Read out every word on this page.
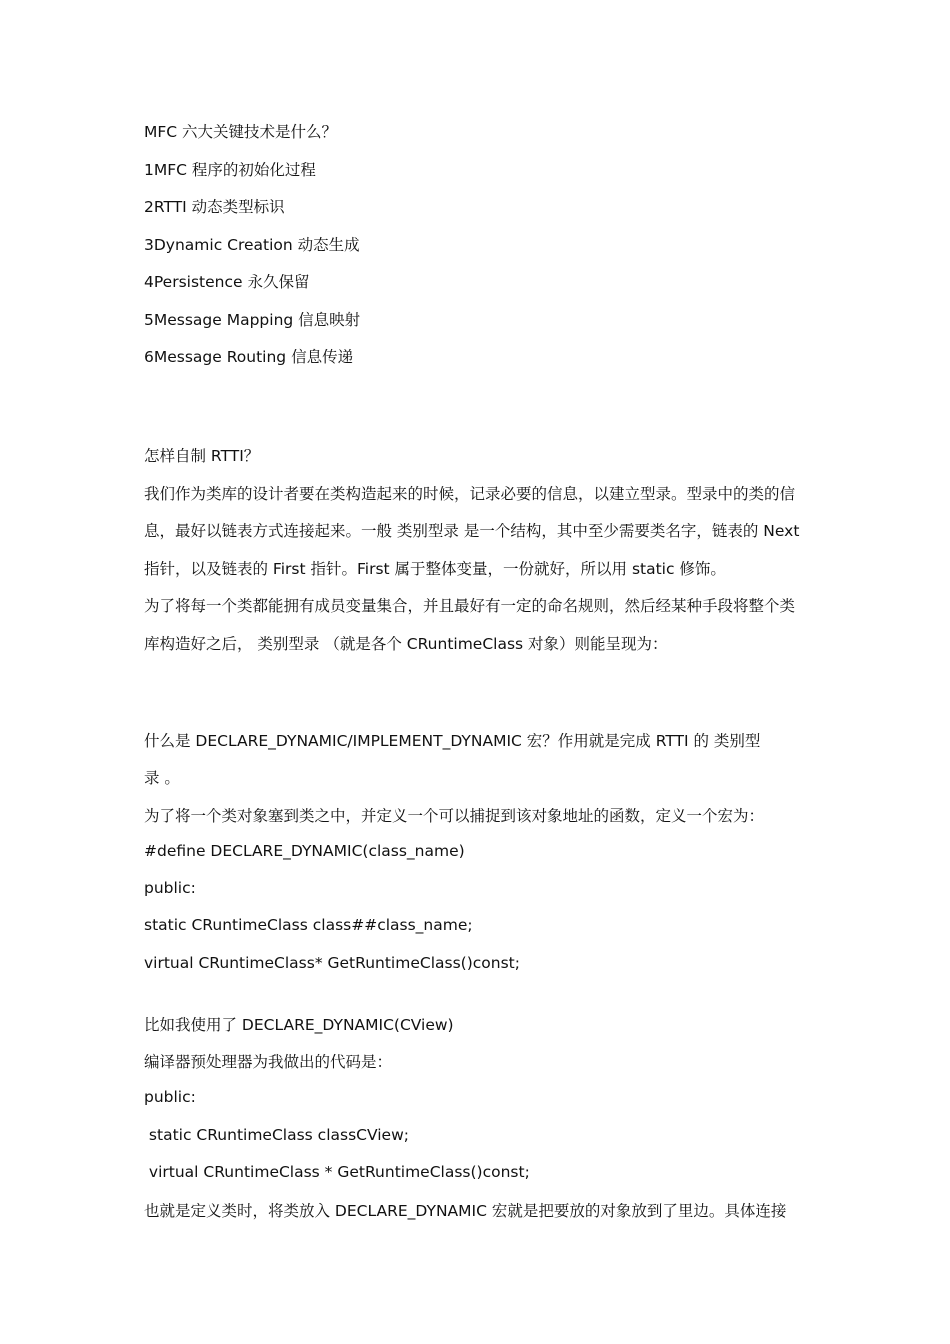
MFC 六大关键技术是什么？
1MFC 程序的初始化过程
2RTTI 动态类型标识
3Dynamic Creation 动态生成
4Persistence 永久保留
5Message Mapping 信息映射
6Message Routing 信息传递
怎样自制 RTTI？
我们作为类库的设计者要在类构造起来的时候，记录必要的信息，以建立型录。型录中的类的信
息，最好以链表方式连接起来。一般 类别型录 是一个结构，其中至少需要类名字，链表的 Next
指针，以及链表的 First 指针。First 属于整体变量，一份就好，所以用 static 修饰。
为了将每一个类都能拥有成员变量集合，并且最好有一定的命名规则，然后经某种手段将整个类
库构造好之后， 类别型录 （就是各个 CRuntimeClass 对象）则能呈现为：
什么是 DECLARE_DYNAMIC/IMPLEMENT_DYNAMIC 宏？作用就是完成 RTTI 的 类别型
录 。
为了将一个类对象塞到类之中，并定义一个可以捕捉到该对象地址的函数，定义一个宏为：
#define DECLARE_DYNAMIC(class_name)
public:
static CRuntimeClass class##class_name;
virtual CRuntimeClass* GetRuntimeClass()const;
比如我使用了 DECLARE_DYNAMIC(CView)
编译器预处理器为我做出的代码是：
public:
static CRuntimeClass classCView;
virtual CRuntimeClass * GetRuntimeClass()const;
也就是定义类时，将类放入 DECLARE_DYNAMIC 宏就是把要放的对象放到了里边。具体连接
